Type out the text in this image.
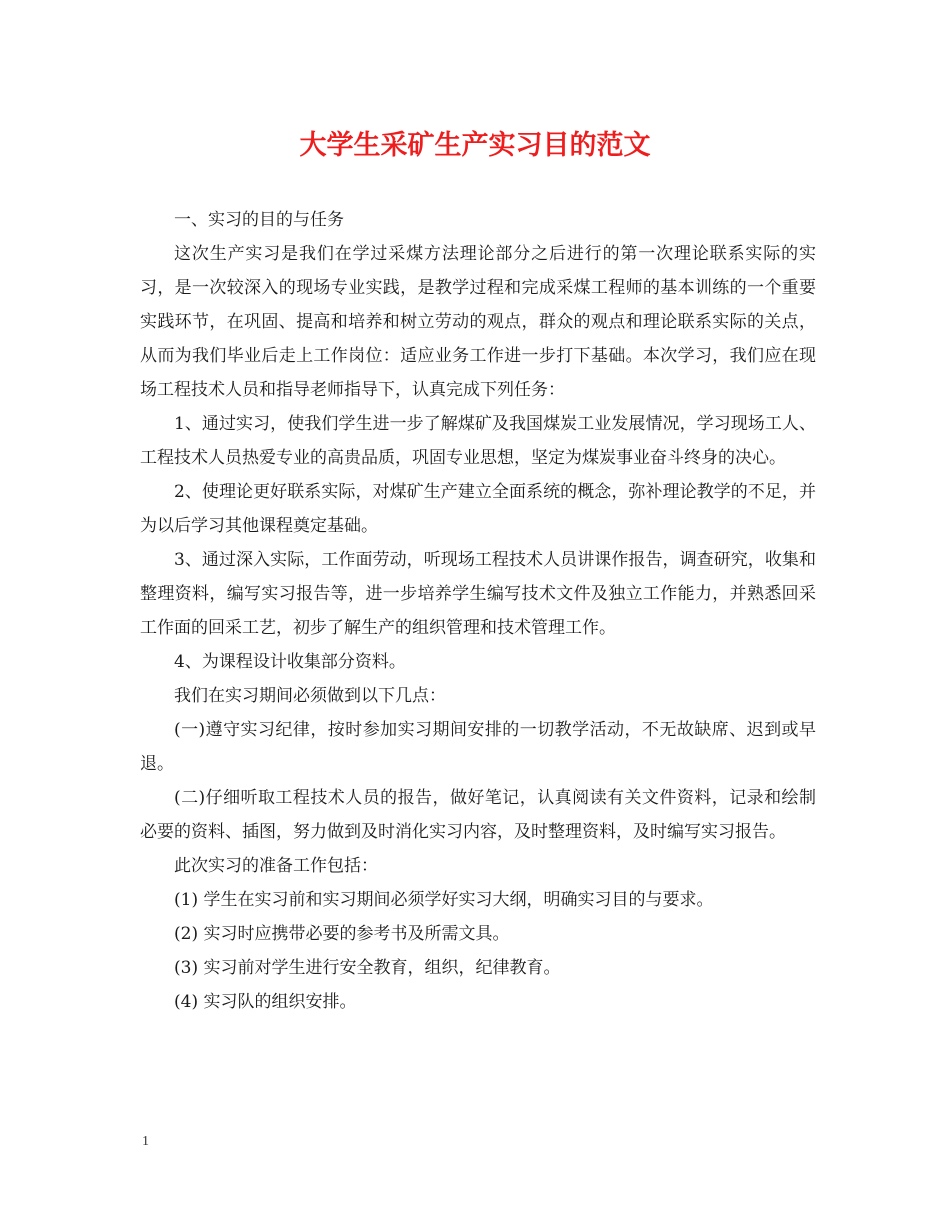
大学生采矿生产实习目的范文

一、实习的目的与任务

这次生产实习是我们在学过采煤方法理论部分之后进行的第一次理论联系实际的实习，是一次较深入的现场专业实践，是教学过程和完成采煤工程师的基本训练的一个重要实践环节，在巩固、提高和培养和树立劳动的观点，群众的观点和理论联系实际的关点，从而为我们毕业后走上工作岗位：适应业务工作进一步打下基础。本次学习，我们应在现场工程技术人员和指导老师指导下，认真完成下列任务：

1、通过实习，使我们学生进一步了解煤矿及我国煤炭工业发展情况，学习现场工人、工程技术人员热爱专业的高贵品质，巩固专业思想，坚定为煤炭事业奋斗终身的决心。

2、使理论更好联系实际，对煤矿生产建立全面系统的概念，弥补理论教学的不足，并为以后学习其他课程奠定基础。

3、通过深入实际，工作面劳动，听现场工程技术人员讲课作报告，调查研究，收集和整理资料，编写实习报告等，进一步培养学生编写技术文件及独立工作能力，并熟悉回采工作面的回采工艺，初步了解生产的组织管理和技术管理工作。

4、为课程设计收集部分资料。

我们在实习期间必须做到以下几点：

(一)遵守实习纪律，按时参加实习期间安排的一切教学活动，不无故缺席、迟到或早退。

(二)仔细听取工程技术人员的报告，做好笔记，认真阅读有关文件资料，记录和绘制必要的资料、插图，努力做到及时消化实习内容，及时整理资料，及时编写实习报告。

此次实习的准备工作包括：

(1) 学生在实习前和实习期间必须学好实习大纲，明确实习目的与要求。

(2) 实习时应携带必要的参考书及所需文具。

(3) 实习前对学生进行安全教育，组织，纪律教育。

(4) 实习队的组织安排。

1
